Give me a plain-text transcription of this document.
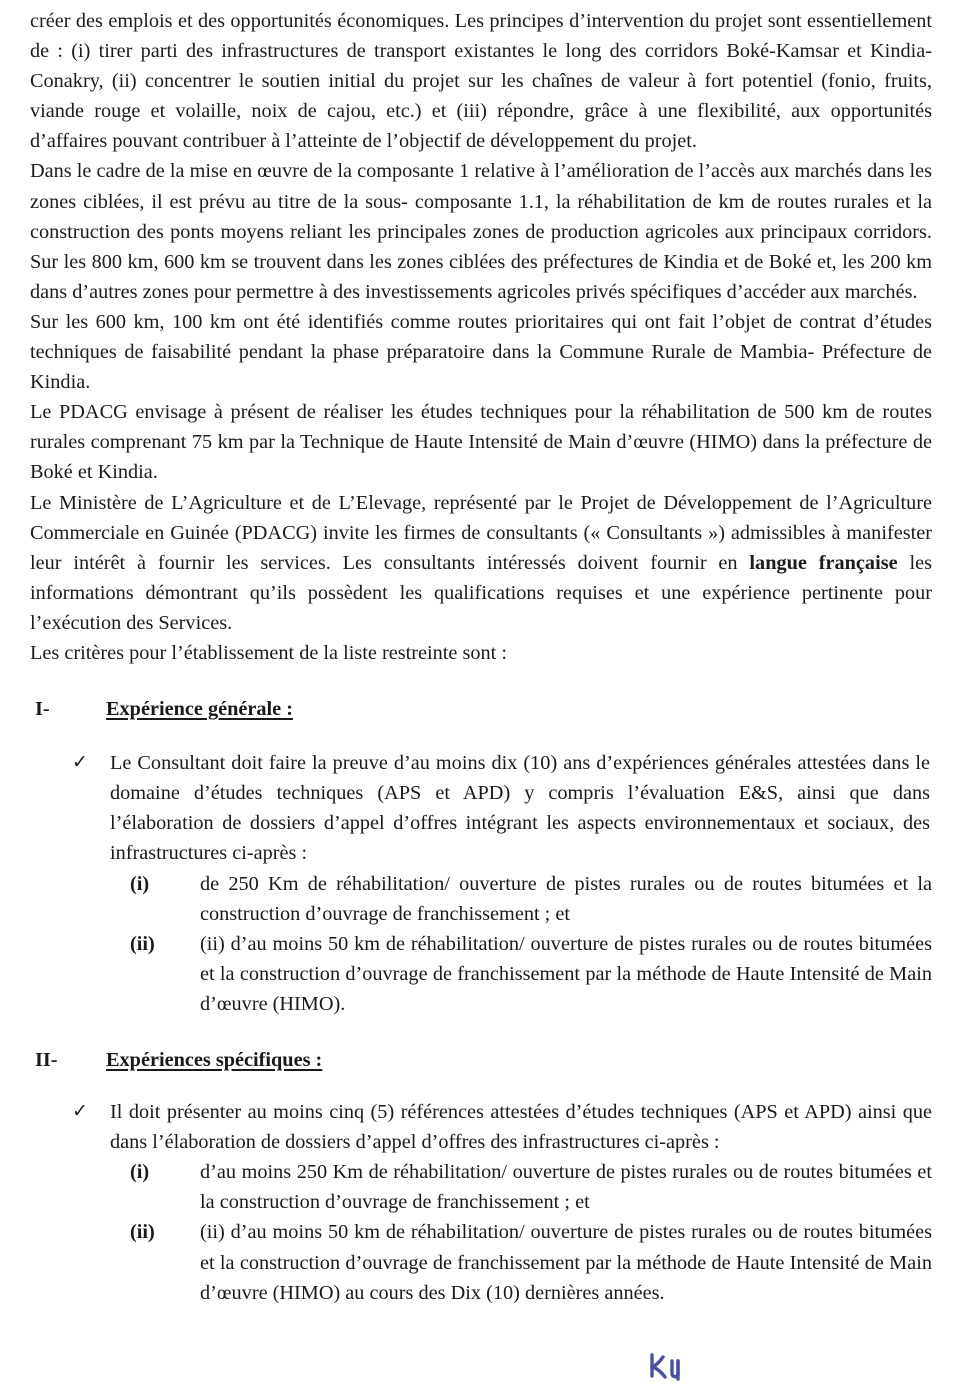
créer des emplois et des opportunités économiques. Les principes d’intervention du projet sont essentiellement de : (i) tirer parti des infrastructures de transport existantes le long des corridors Boké-Kamsar et Kindia-Conakry, (ii) concentrer le soutien initial du projet sur les chaînes de valeur à fort potentiel (fonio, fruits, viande rouge et volaille, noix de cajou, etc.) et (iii) répondre, grâce à une flexibilité, aux opportunités d’affaires pouvant contribuer à l’atteinte de l’objectif de développement du projet.

Dans le cadre de la mise en œuvre de la composante 1 relative à l’amélioration de l’accès aux marchés dans les zones ciblées, il est prévu au titre de la sous- composante 1.1, la réhabilitation de km de routes rurales et la construction des ponts moyens reliant les principales zones de production agricoles aux principaux corridors. Sur les 800 km, 600 km se trouvent dans les zones ciblées des préfectures de Kindia et de Boké et, les 200 km dans d’autres zones pour permettre à des investissements agricoles privés spécifiques d’accéder aux marchés.

Sur les 600 km, 100 km ont été identifiés comme routes prioritaires qui ont fait l’objet de contrat d’études techniques de faisabilité pendant la phase préparatoire dans la Commune Rurale de Mambia- Préfecture de Kindia.

Le PDACG envisage à présent de réaliser les études techniques pour la réhabilitation de 500 km de routes rurales comprenant 75 km par la Technique de Haute Intensité de Main d’œuvre (HIMO) dans la préfecture de Boké et Kindia.

Le Ministère de L’Agriculture et de L’Elevage, représenté par le Projet de Développement de l’Agriculture Commerciale en Guinée (PDACG) invite les firmes de consultants (« Consultants ») admissibles à manifester leur intérêt à fournir les services. Les consultants intéressés doivent fournir en langue française les informations démontrant qu’ils possèdent les qualifications requises et une expérience pertinente pour l’exécution des Services.

Les critères pour l’établissement de la liste restreinte sont :

I-	Expérience générale :
✓	Le Consultant doit faire la preuve d’au moins dix (10) ans d’expériences générales attestées dans le domaine d’études techniques (APS et APD) y compris l’évaluation E&S, ainsi que dans l’élaboration de dossiers d’appel d’offres intégrant les aspects environnementaux et sociaux, des infrastructures ci-après :
(i)	de 250 Km de réhabilitation/ ouverture de pistes rurales ou de routes bitumées et la construction d’ouvrage de franchissement ; et
(ii)	(ii) d’au moins 50 km de réhabilitation/ ouverture de pistes rurales ou de routes bitumées et la construction d’ouvrage de franchissement par la méthode de Haute Intensité de Main d’œuvre (HIMO).
II-	Expériences spécifiques :
✓	Il doit présenter au moins cinq (5) références attestées d’études techniques (APS et APD) ainsi que dans l’élaboration de dossiers d’appel d’offres des infrastructures ci-après :
(i)	d’au moins 250 Km de réhabilitation/ ouverture de pistes rurales ou de routes bitumées et la construction d’ouvrage de franchissement ; et
(ii)	(ii) d’au moins 50 km de réhabilitation/ ouverture de pistes rurales ou de routes bitumées et la construction d’ouvrage de franchissement par la méthode de Haute Intensité de Main d’œuvre (HIMO) au cours des Dix (10) dernières années.
